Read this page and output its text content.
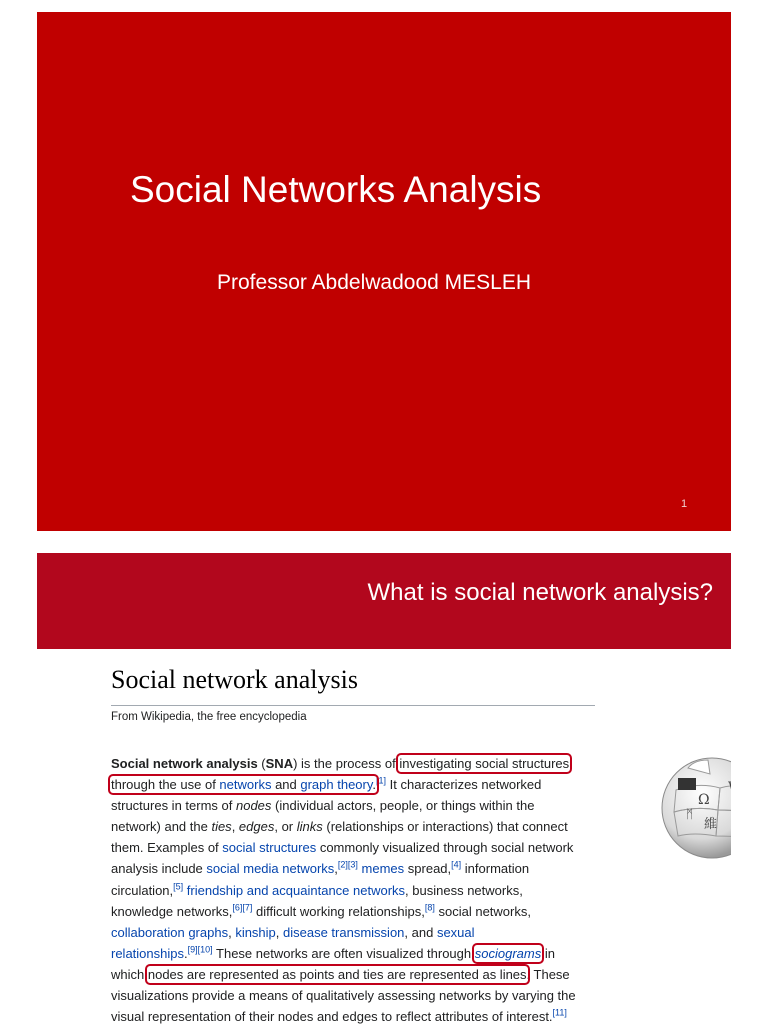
Social Networks Analysis
Professor Abdelwadood MESLEH
1
What is social network analysis?
Social network analysis
From Wikipedia, the free encyclopedia
Social network analysis (SNA) is the process of investigating social structures
through the use of networks and graph theory.[1] It characterizes networked
structures in terms of nodes (individual actors, people, or things within the
network) and the ties, edges, or links (relationships or interactions) that connect
them. Examples of social structures commonly visualized through social network
analysis include social media networks,[2][3] memes spread,[4] information
circulation,[5] friendship and acquaintance networks, business networks,
knowledge networks,[6][7] difficult working relationships,[8] social networks,
collaboration graphs, kinship, disease transmission, and sexual
relationships.[9][10] These networks are often visualized through sociograms in
which nodes are represented as points and ties are represented as lines. These
visualizations provide a means of qualitatively assessing networks by varying the
visual representation of their nodes and edges to reflect attributes of interest.[11]
Ω
W
И
維
ᛗ
ว
